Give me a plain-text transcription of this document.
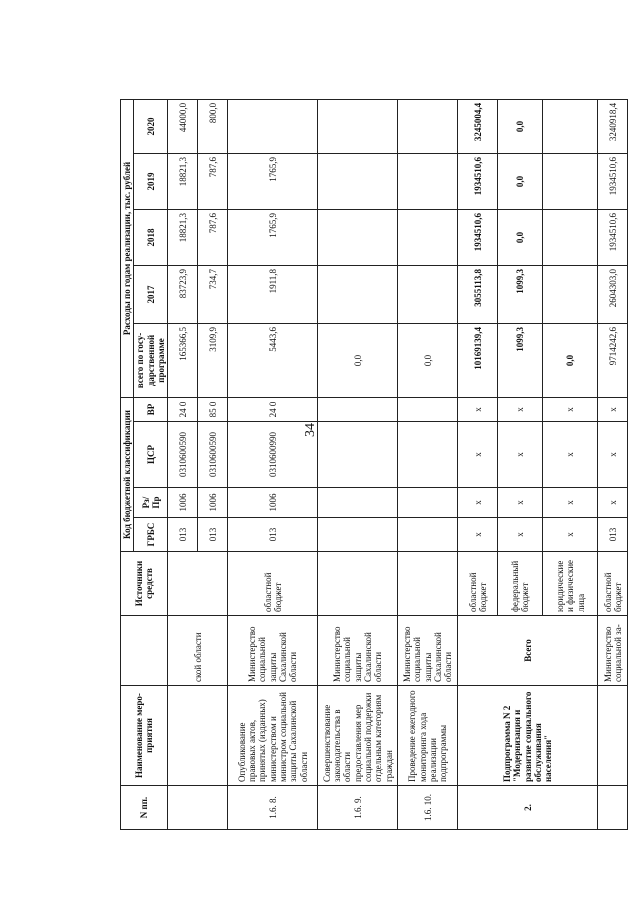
34
N пп.	Наименование меро-приятия		Источники средств	Код бюджетной классификации				Расходы по годам реализации, тыс. рублей				
				ГРБС	Рз/ Пр	ЦСР	ВР	всего по госу-дарственной программе	2017	2018	2019	2020
		ской области		013	1006	0310600590	24 0	165366,5	83723,9	18821,3	18821,3	44000,0
				013	1006	0310600590	85 0	3109,9	734,7	787,6	787,6	800,0
1.6. 8.	Опубликование правовых актов, принятых (изданных) министерством и министром социальной защиты Сахалинской области	Министерство социальной защиты Сахалинской области	областной бюджет	013	1006	0310600990	24 0	5443,6	1911,8	1765,9	1765,9	
1.6. 9.	Совершенствование законодательства в области предоставления мер социальной поддержки отдельным категориям граждан	Министерство социальной защиты Сахалинской области						0,0				
1.6. 10.	Проведение ежегодного мониторинга хода реализации подпрограммы	Министерство социальной защиты Сахалинской области						0,0				
2.	Подпрограмма N 2 "Модернизация и развитие социального обслуживания населения"	Всего	областной бюджет	x	x	x	x	10169139,4	3055113,8	1934510,6	1934510,6	3245004,4
			федеральный бюджет	x	x	x	x	1099,3	1099,3	0,0	0,0	0,0
			юридические и физические лица	x	x	x	x	0,0				
		Министерство социальной за-	областной бюджет	013	x	x	x	9714242,6	2604303,0	1934510,6	1934510,6	3240918,4
